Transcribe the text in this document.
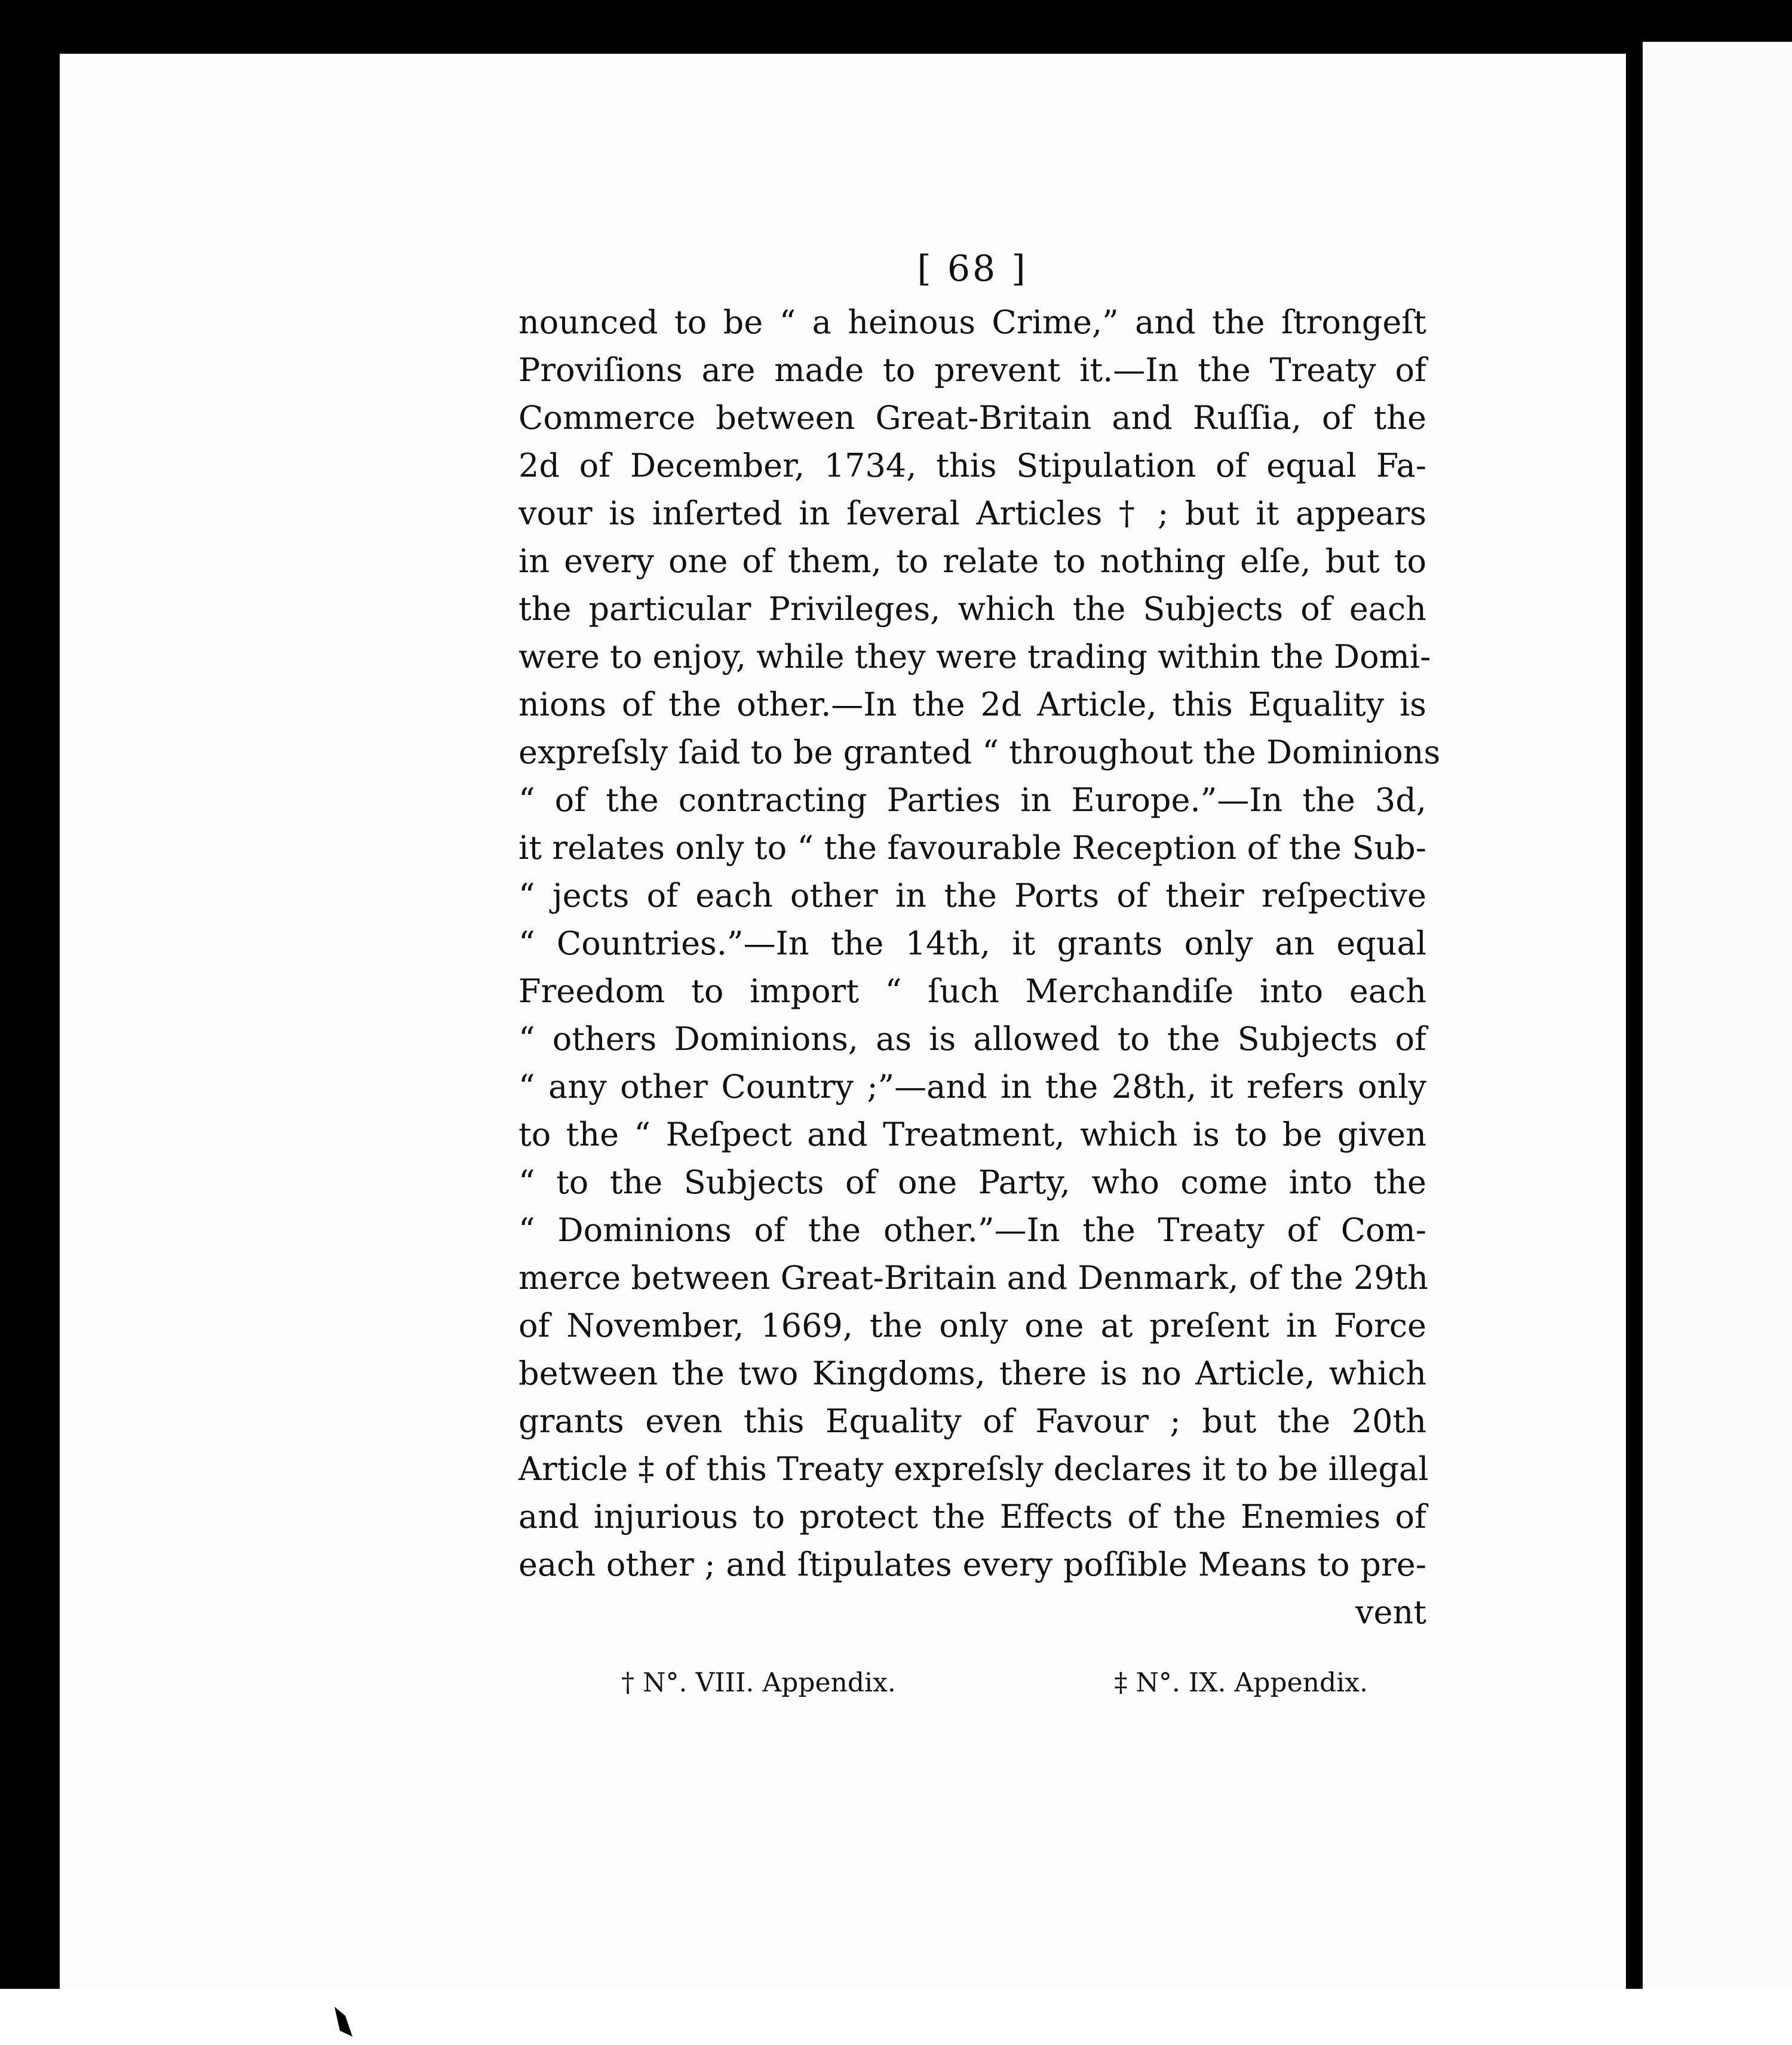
[ 68 ]
nounced to be “ a heinous Crime,” and the ſtrongeſt
Proviſions are made to prevent it.—In the Treaty of
Commerce between Great-Britain and Ruſſia, of the
2d of December, 1734, this Stipulation of equal Fa-
vour is inſerted in ſeveral Articles † ; but it appears
in every one of them, to relate to nothing elſe, but to
the particular Privileges, which the Subjects of each
were to enjoy, while they were trading within the Domi-
nions of the other.—In the 2d Article, this Equality is
expreſsly ſaid to be granted “ throughout the Dominions
“ of the contracting Parties in Europe.”—In the 3d,
it relates only to “ the favourable Reception of the Sub-
“ jects of each other in the Ports of their reſpective
“ Countries.”—In the 14th, it grants only an equal
Freedom to import “ ſuch Merchandiſe into each
“ others Dominions, as is allowed to the Subjects of
“ any other Country ;”—and in the 28th, it refers only
to the “ Reſpect and Treatment, which is to be given
“ to the Subjects of one Party, who come into the
“ Dominions of the other.”—In the Treaty of Com-
merce between Great-Britain and Denmark, of the 29th
of November, 1669, the only one at preſent in Force
between the two Kingdoms, there is no Article, which
grants even this Equality of Favour ; but the 20th
Article ‡ of this Treaty expreſsly declares it to be illegal
and injurious to protect the Effects of the Enemies of
each other ; and ſtipulates every poſſible Means to pre-
vent
† N°. VIII. Appendix.	‡ N°. IX. Appendix.
